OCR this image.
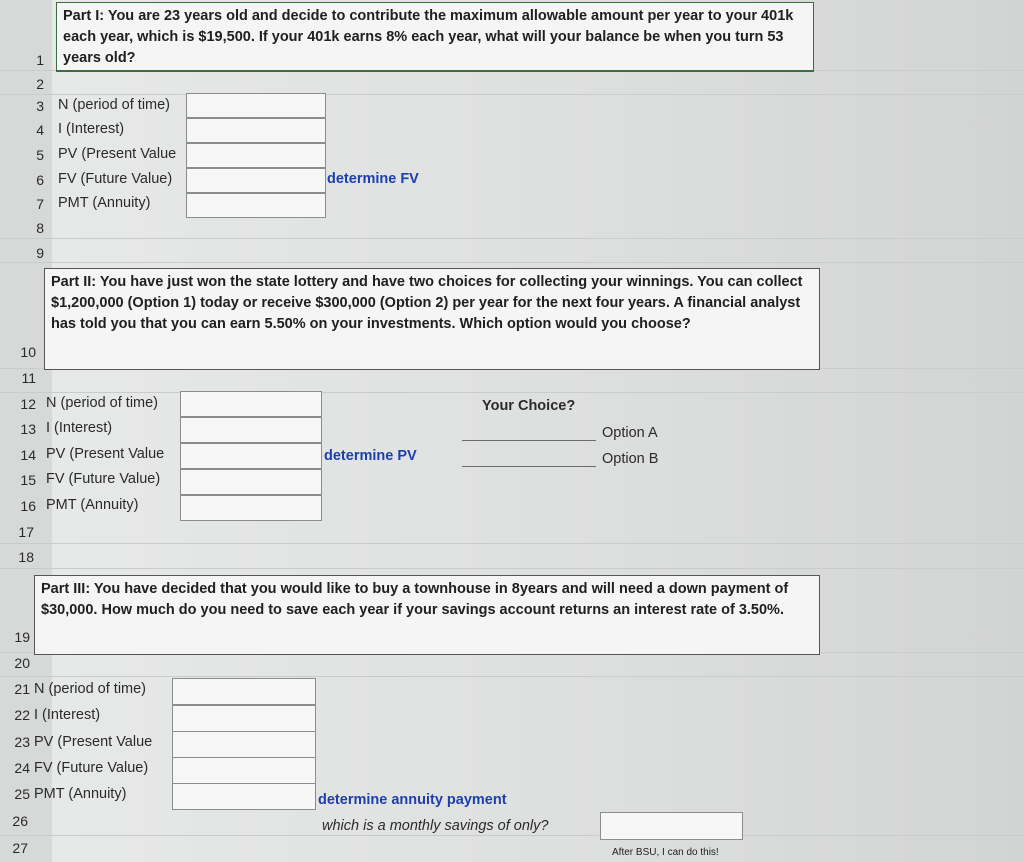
1
2
3
4
5
6
7
8
9
10
11
12
13
14
15
16
17
18
19
20
21
22
23
24
25
26
27
Part I: You are 23 years old and decide to contribute the maximum allowable amount per year to your 401k each year, which is $19,500. If your 401k earns 8% each year, what will your balance be when you turn 53 years old?
N (period of time)
I (Interest)
PV (Present Value
FV (Future Value)
PMT (Annuity)
determine FV
Part II: You have just won the state lottery and have two choices for collecting your winnings. You can collect $1,200,000 (Option 1) today or receive $300,000 (Option 2) per year for the next four years. A financial analyst has told you that you can earn 5.50% on your investments. Which option would you choose?
N (period of time)
I (Interest)
PV (Present Value
FV (Future Value)
PMT (Annuity)
determine PV
Your Choice?
Option A
Option B
Part III: You have decided that you would like to buy a townhouse in 8years and will need a down payment of $30,000. How much do you need to save each year if your savings account returns an interest rate of 3.50%.
N (period of time)
I (Interest)
PV (Present Value
FV (Future Value)
PMT (Annuity)	determine annuity payment
which is a monthly savings of only?
After BSU, I can do this!
